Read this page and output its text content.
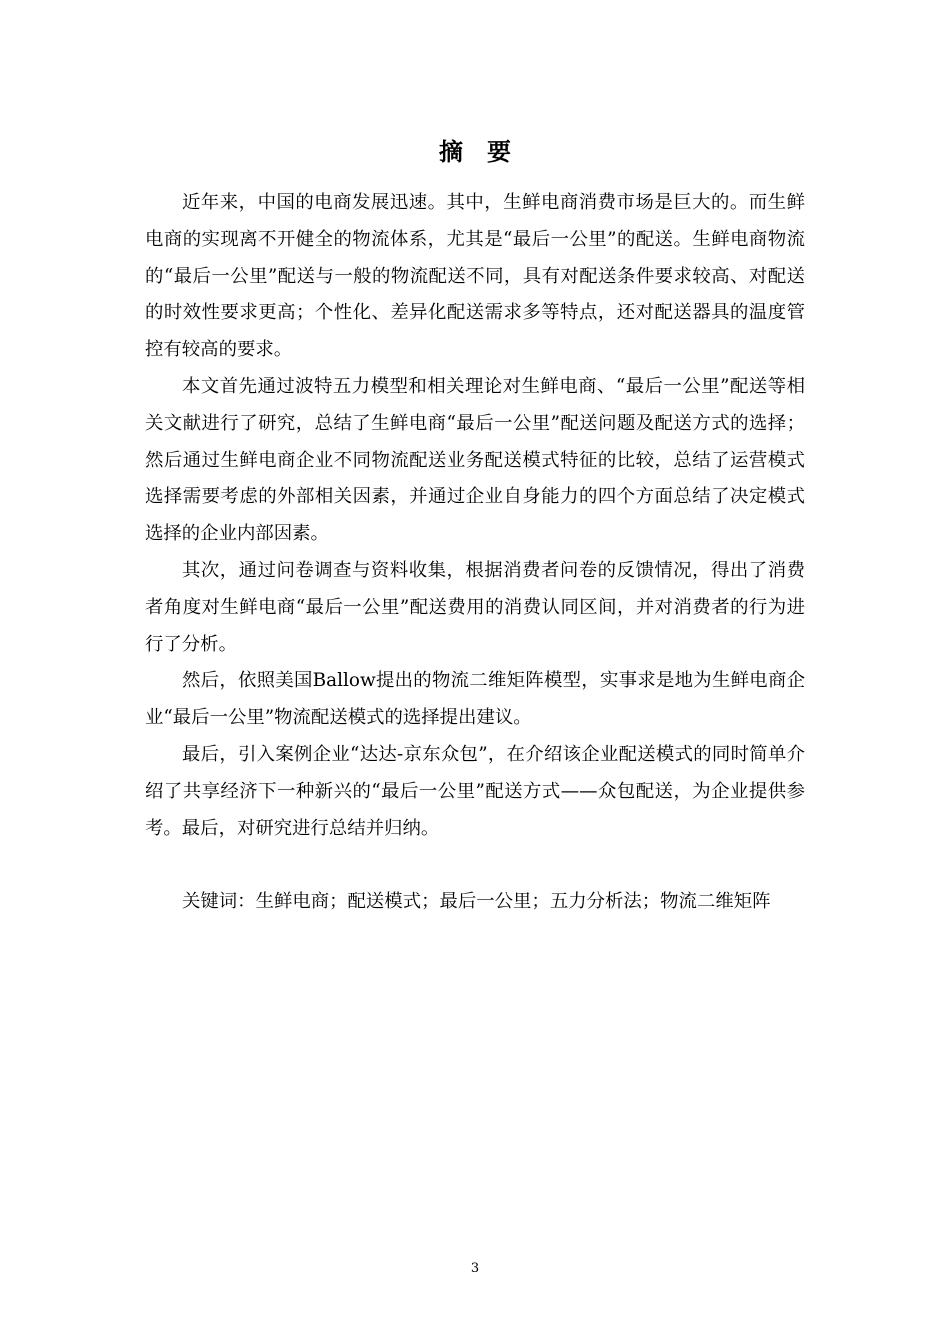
摘要

近年来，中国的电商发展迅速。其中，生鲜电商消费市场是巨大的。而生鲜电商的实现离不开健全的物流体系，尤其是“最后一公里”的配送。生鲜电商物流的“最后一公里”配送与一般的物流配送不同，具有对配送条件要求较高、对配送的时效性要求更高；个性化、差异化配送需求多等特点，还对配送器具的温度管控有较高的要求。

本文首先通过波特五力模型和相关理论对生鲜电商、“最后一公里”配送等相关文献进行了研究，总结了生鲜电商“最后一公里”配送问题及配送方式的选择；然后通过生鲜电商企业不同物流配送业务配送模式特征的比较，总结了运营模式选择需要考虑的外部相关因素，并通过企业自身能力的四个方面总结了决定模式选择的企业内部因素。

其次，通过问卷调查与资料收集，根据消费者问卷的反馈情况，得出了消费者角度对生鲜电商“最后一公里”配送费用的消费认同区间，并对消费者的行为进行了分析。

然后，依照美国Ballow提出的物流二维矩阵模型，实事求是地为生鲜电商企业“最后一公里”物流配送模式的选择提出建议。

最后，引入案例企业“达达-京东众包”，在介绍该企业配送模式的同时简单介绍了共享经济下一种新兴的“最后一公里”配送方式——众包配送，为企业提供参考。最后，对研究进行总结并归纳。

关键词：生鲜电商；配送模式；最后一公里；五力分析法；物流二维矩阵

3
